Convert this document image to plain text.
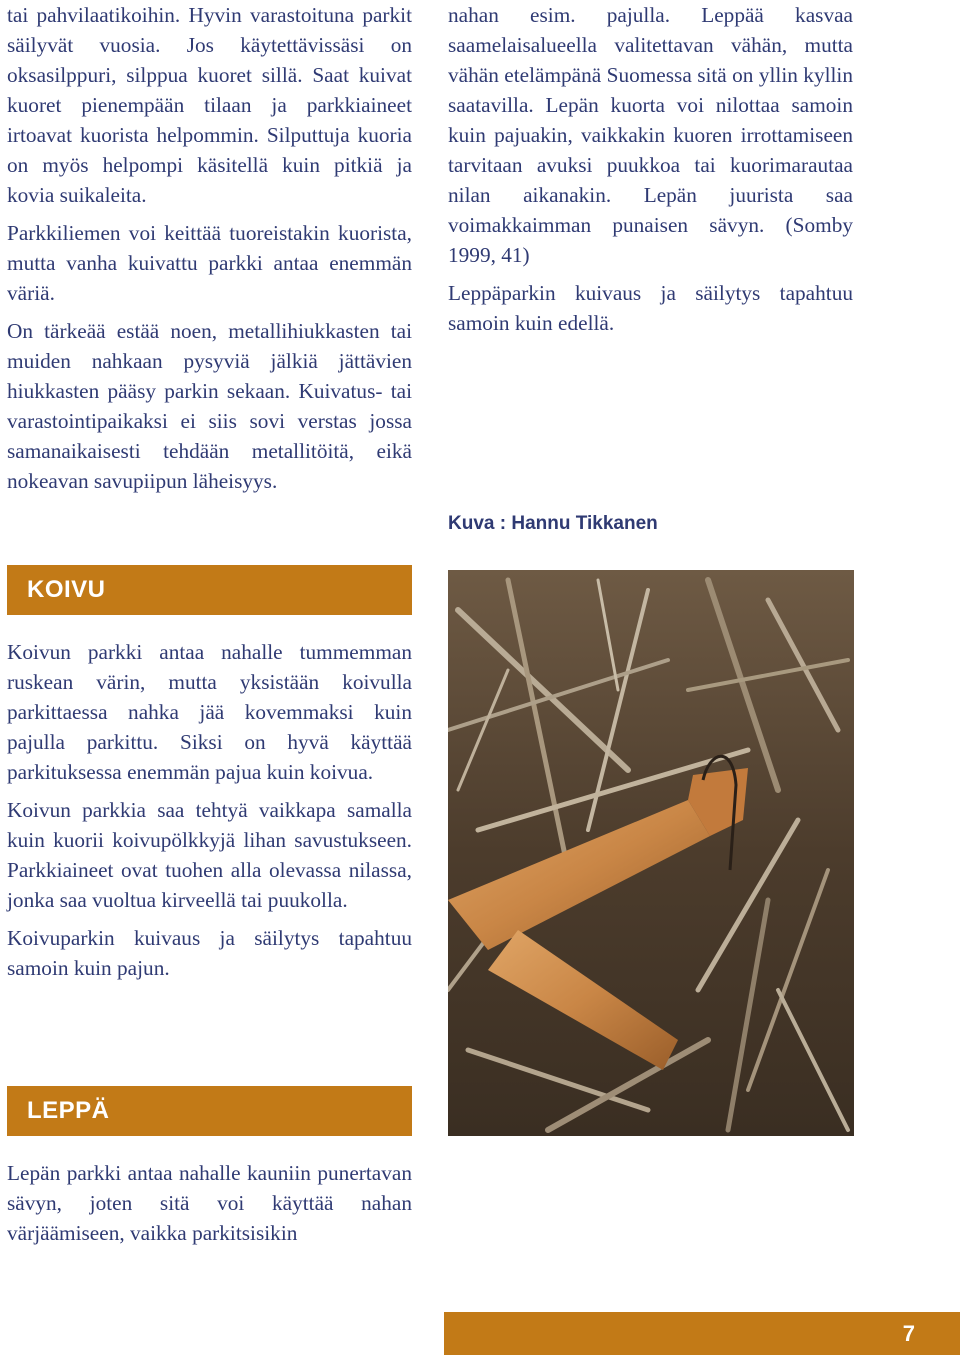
tai pahvilaatikoihin. Hyvin varastoituna parkit säilyvät vuosia. Jos käytettävissäsi on oksasilppuri, silppua kuoret sillä. Saat kuivat kuoret pienempään tilaan ja parkkiaineet irtoavat kuorista helpommin. Silputtuja kuoria on myös helpompi käsitellä kuin pitkiä ja kovia suikaleita.

Parkkiliemen voi keittää tuoreistakin kuorista, mutta vanha kuivattu parkki antaa enemmän väriä.

On tärkeää estää noen, metallihiukkasten tai muiden nahkaan pysyviä jälkiä jättävien hiukkasten pääsy parkin sekaan. Kuivatus- tai varastointipaikaksi ei siis sovi verstas jossa samanaikaisesti tehdään metallitöitä, eikä nokeavan savupiipun läheisyys.

KOIVU

Koivun parkki antaa nahalle tummemman ruskean värin, mutta yksistään koivulla parkittaessa nahka jää kovemmaksi kuin pajulla parkittu. Siksi on hyvä käyttää parkituksessa enemmän pajua kuin koivua.

Koivun parkkia saa tehtyä vaikkapa samalla kuin kuorii koivupölkkyjä lihan savustukseen. Parkkiaineet ovat tuohen alla olevassa nilassa, jonka saa vuoltua kirveellä tai puukolla.

Koivuparkin kuivaus ja säilytys tapahtuu samoin kuin pajun.

LEPPÄ

Lepän parkki antaa nahalle kauniin punertavan sävyn, joten sitä voi käyttää nahan värjäämiseen, vaikka parkitsisikin

nahan esim. pajulla. Leppää kasvaa saamelaisalueella valitettavan vähän, mutta vähän etelämpänä Suomessa sitä on yllin kyllin saatavilla. Lepän kuorta voi nilottaa samoin kuin pajuakin, vaikkakin kuoren irrottamiseen tarvitaan avuksi puukkoa tai kuorimarautaa nilan aikanakin. Lepän juurista saa voimakkaimman punaisen sävyn. (Somby 1999, 41)

Leppäparkin kuivaus ja säilytys tapahtuu samoin kuin edellä.

Kuva : Hannu Tikkanen
7
